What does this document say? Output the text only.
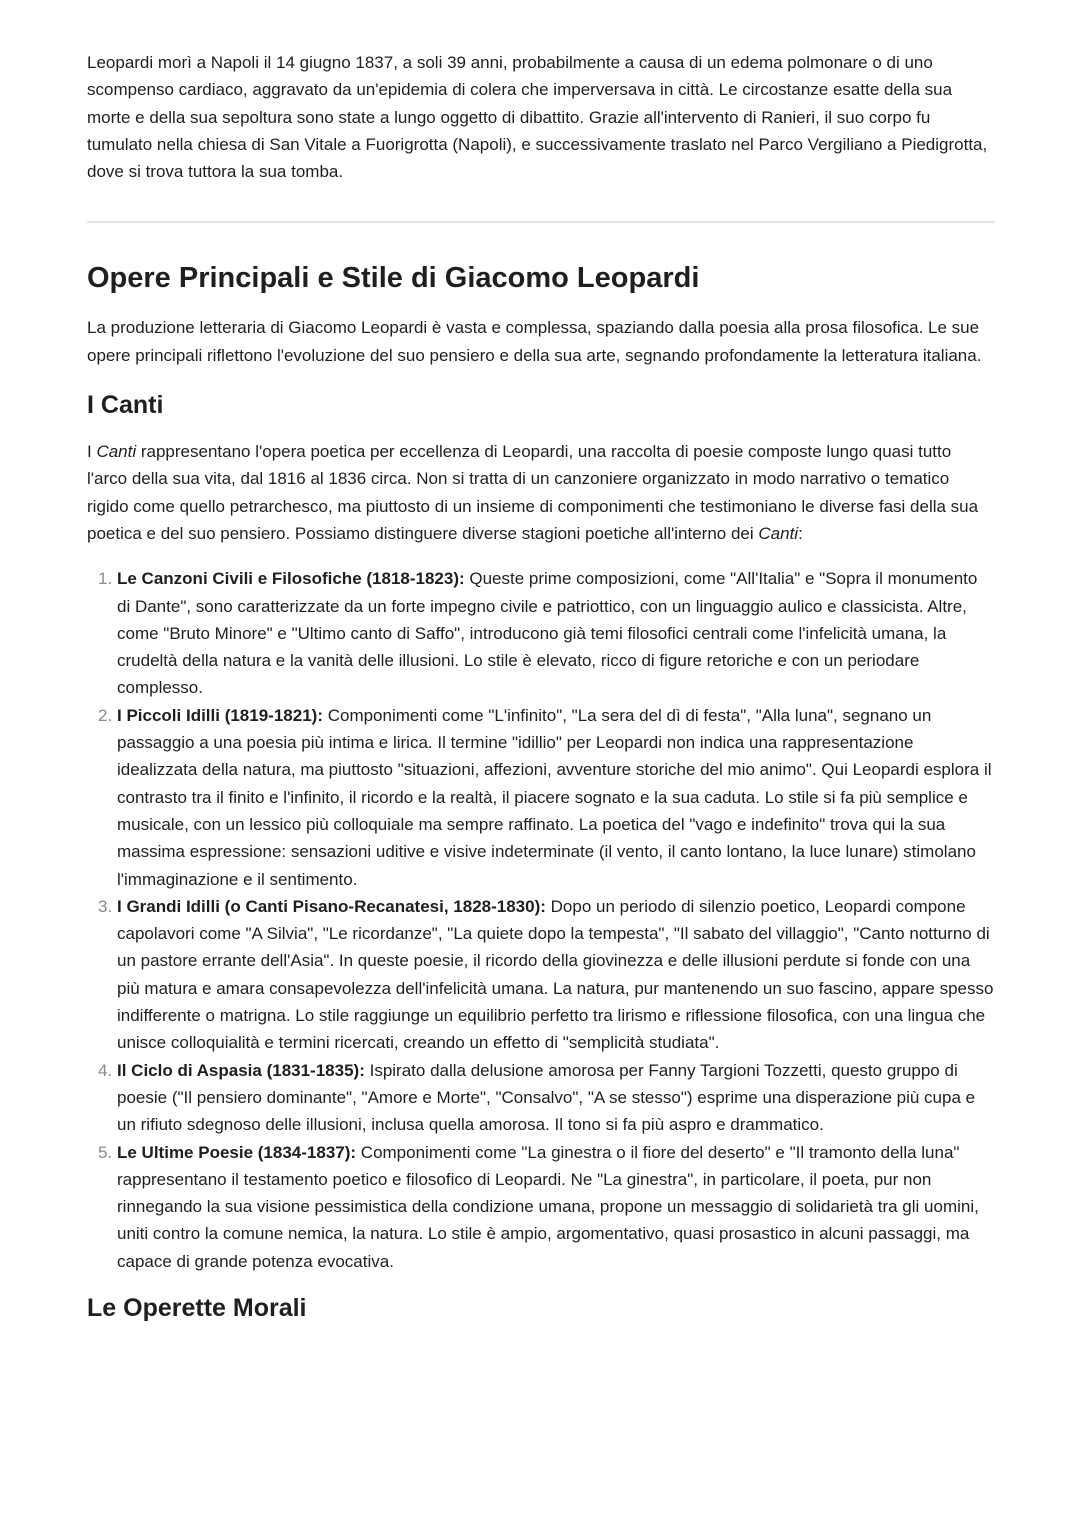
Leopardi morì a Napoli il 14 giugno 1837, a soli 39 anni, probabilmente a causa di un edema polmonare o di uno scompenso cardiaco, aggravato da un'epidemia di colera che imperversava in città. Le circostanze esatte della sua morte e della sua sepoltura sono state a lungo oggetto di dibattito. Grazie all'intervento di Ranieri, il suo corpo fu tumulato nella chiesa di San Vitale a Fuorigrotta (Napoli), e successivamente traslato nel Parco Vergiliano a Piedigrotta, dove si trova tuttora la sua tomba.

Opere Principali e Stile di Giacomo Leopardi

La produzione letteraria di Giacomo Leopardi è vasta e complessa, spaziando dalla poesia alla prosa filosofica. Le sue opere principali riflettono l'evoluzione del suo pensiero e della sua arte, segnando profondamente la letteratura italiana.

I Canti

I Canti rappresentano l'opera poetica per eccellenza di Leopardi, una raccolta di poesie composte lungo quasi tutto l'arco della sua vita, dal 1816 al 1836 circa. Non si tratta di un canzoniere organizzato in modo narrativo o tematico rigido come quello petrarchesco, ma piuttosto di un insieme di componimenti che testimoniano le diverse fasi della sua poetica e del suo pensiero. Possiamo distinguere diverse stagioni poetiche all'interno dei Canti:

1. Le Canzoni Civili e Filosofiche (1818-1823): Queste prime composizioni, come "All'Italia" e "Sopra il monumento di Dante", sono caratterizzate da un forte impegno civile e patriottico, con un linguaggio aulico e classicista. Altre, come "Bruto Minore" e "Ultimo canto di Saffo", introducono già temi filosofici centrali come l'infelicità umana, la crudeltà della natura e la vanità delle illusioni. Lo stile è elevato, ricco di figure retoriche e con un periodare complesso.
2. I Piccoli Idilli (1819-1821): Componimenti come "L'infinito", "La sera del dì di festa", "Alla luna", segnano un passaggio a una poesia più intima e lirica. Il termine "idillio" per Leopardi non indica una rappresentazione idealizzata della natura, ma piuttosto "situazioni, affezioni, avventure storiche del mio animo". Qui Leopardi esplora il contrasto tra il finito e l'infinito, il ricordo e la realtà, il piacere sognato e la sua caduta. Lo stile si fa più semplice e musicale, con un lessico più colloquiale ma sempre raffinato. La poetica del "vago e indefinito" trova qui la sua massima espressione: sensazioni uditive e visive indeterminate (il vento, il canto lontano, la luce lunare) stimolano l'immaginazione e il sentimento.
3. I Grandi Idilli (o Canti Pisano-Recanatesi, 1828-1830): Dopo un periodo di silenzio poetico, Leopardi compone capolavori come "A Silvia", "Le ricordanze", "La quiete dopo la tempesta", "Il sabato del villaggio", "Canto notturno di un pastore errante dell'Asia". In queste poesie, il ricordo della giovinezza e delle illusioni perdute si fonde con una più matura e amara consapevolezza dell'infelicità umana. La natura, pur mantenendo un suo fascino, appare spesso indifferente o matrigna. Lo stile raggiunge un equilibrio perfetto tra lirismo e riflessione filosofica, con una lingua che unisce colloquialità e termini ricercati, creando un effetto di "semplicità studiata".
4. Il Ciclo di Aspasia (1831-1835): Ispirato dalla delusione amorosa per Fanny Targioni Tozzetti, questo gruppo di poesie ("Il pensiero dominante", "Amore e Morte", "Consalvo", "A se stesso") esprime una disperazione più cupa e un rifiuto sdegnoso delle illusioni, inclusa quella amorosa. Il tono si fa più aspro e drammatico.
5. Le Ultime Poesie (1834-1837): Componimenti come "La ginestra o il fiore del deserto" e "Il tramonto della luna" rappresentano il testamento poetico e filosofico di Leopardi. Ne "La ginestra", in particolare, il poeta, pur non rinnegando la sua visione pessimistica della condizione umana, propone un messaggio di solidarietà tra gli uomini, uniti contro la comune nemica, la natura. Lo stile è ampio, argomentativo, quasi prosastico in alcuni passaggi, ma capace di grande potenza evocativa.
Le Operette Morali
